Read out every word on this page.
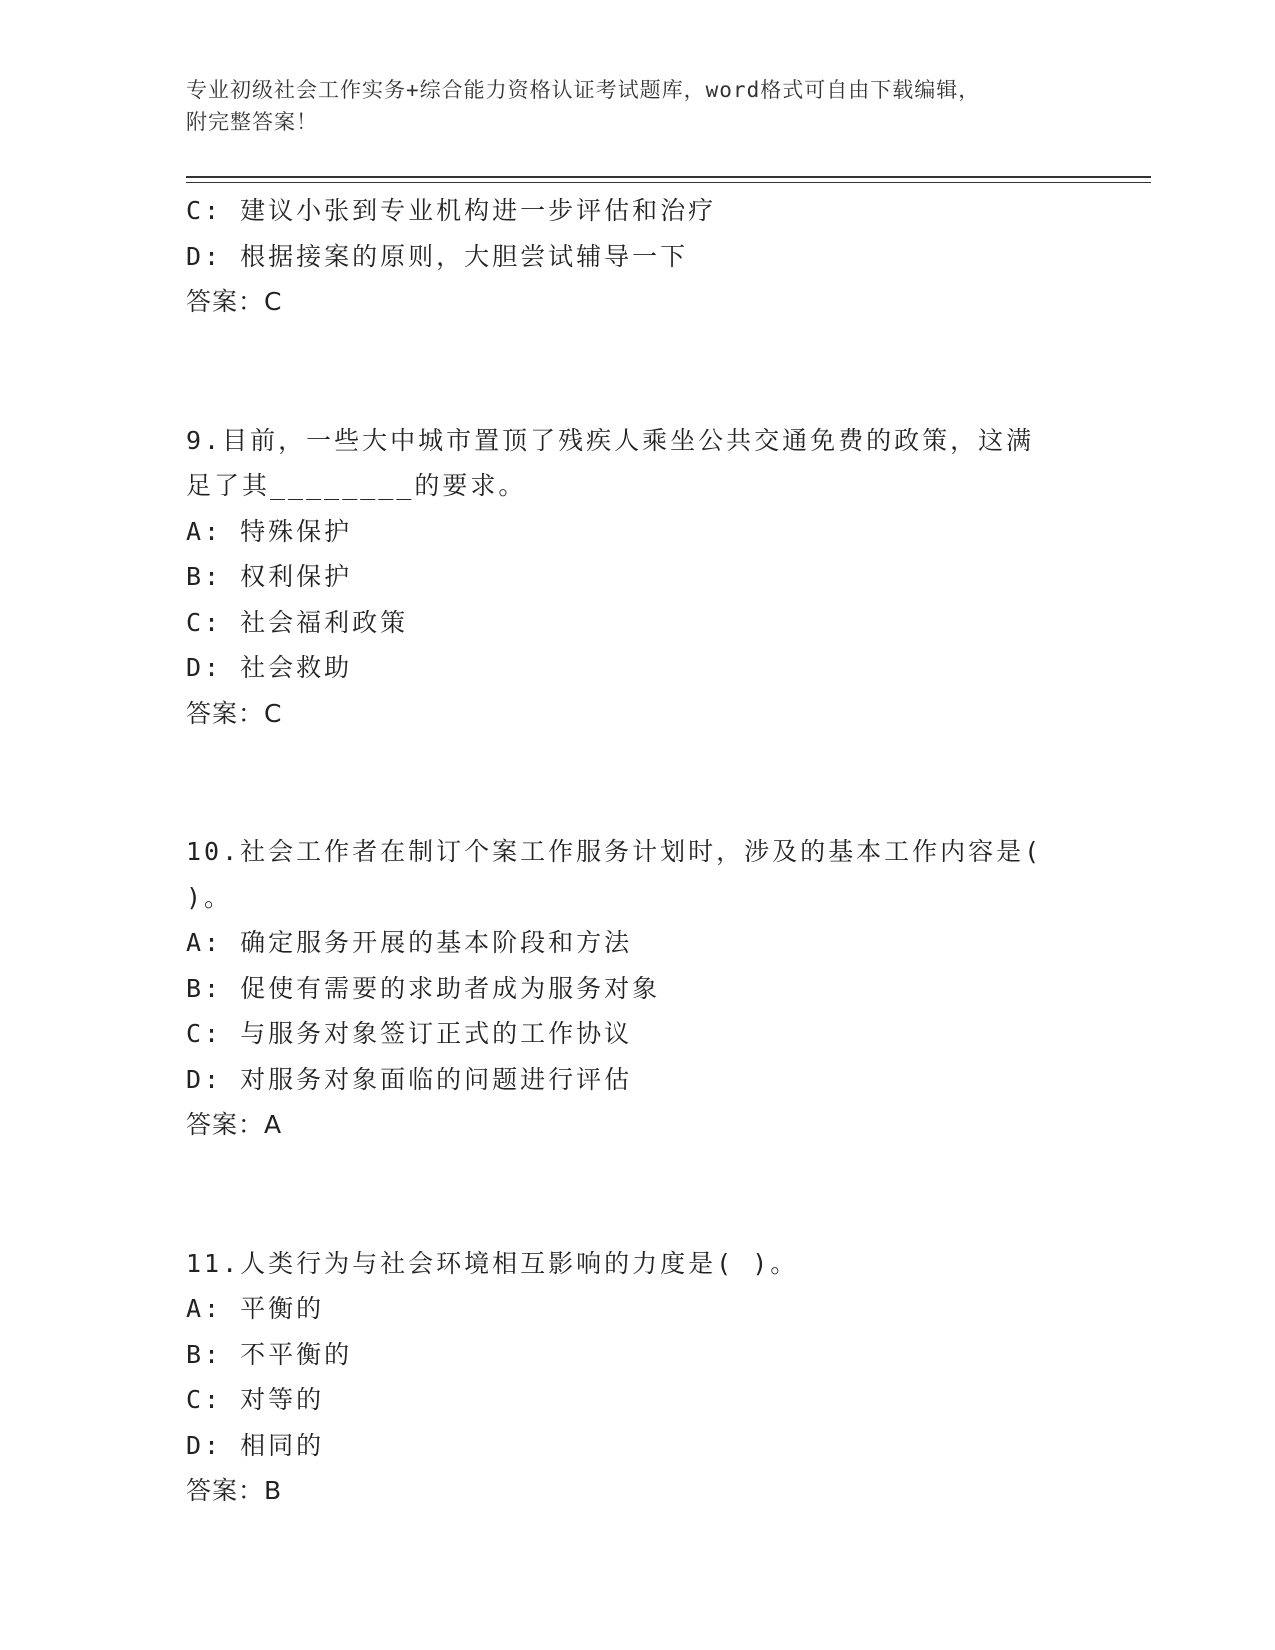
专业初级社会工作实务+综合能力资格认证考试题库，word格式可自由下载编辑，
附完整答案！
C: 建议小张到专业机构进一步评估和治疗
D: 根据接案的原则，大胆尝试辅导一下
答案：C
9.目前，一些大中城市置顶了残疾人乘坐公共交通免费的政策，这满
足了其________的要求。
A: 特殊保护
B: 权利保护
C: 社会福利政策
D: 社会救助
答案：C
10.社会工作者在制订个案工作服务计划时，涉及的基本工作内容是(
)。
A: 确定服务开展的基本阶段和方法
B: 促使有需要的求助者成为服务对象
C: 与服务对象签订正式的工作协议
D: 对服务对象面临的问题进行评估
答案：A
11.人类行为与社会环境相互影响的力度是( )。
A: 平衡的
B: 不平衡的
C: 对等的
D: 相同的
答案：B
